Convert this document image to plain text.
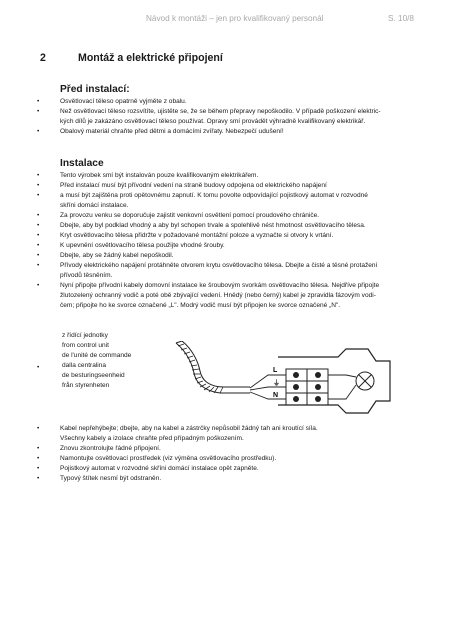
Návod k montáži – jen pro kvalifikovaný personál	S. 10/8
2	Montáž a elektrické připojení
Před instalací:
•	Osvětlovací těleso opatrně vyjměte z obalu.
•	Než osvětlovací těleso rozsvítíte, ujistěte se, že se během přepravy nepoškodilo. V případě poškození elektric-
kých dílů je zakázáno osvětlovací těleso používat. Opravy smí provádět výhradně kvalifikovaný elektrikář.
•	Obalový materiál chraňte před dětmi a domácími zvířaty. Nebezpečí udušení!
Instalace
•	Tento výrobek smí být instalován pouze kvalifikovaným elektrikářem.
•	Před instalací musí být přívodní vedení na straně budovy odpojena od elektrického napájení
•	a musí být zajištěna proti opětovnému zapnutí. K tomu povolte odpovídající pojistkový automat v rozvodné
skříni domácí instalace.
•	Za provozu venku se doporučuje zajistit venkovní osvětlení pomocí proudového chrániče.
•	Dbejte, aby byl podklad vhodný a aby byl schopen trvale a spolehlivě nést hmotnost osvětlovacího tělesa.
•	Kryt osvětlovacího tělesa přidržte v požadované montážní poloze a vyznačte si otvory k vrtání.
•	K upevnění osvětlovacího tělesa použijte vhodné šrouby.
•	Dbejte, aby se žádný kabel nepoškodil.
•	Přívody elektrického napájení protáhněte otvorem krytu osvětlovacího tělesa. Dbejte a čisté a těsné protažení
přívodů těsněním.
•	Nyní připojte přívodní kabely domovní instalace ke šroubovým svorkám osvětlovacího tělesa. Nejdříve připojte
žlutozelený ochranný vodič a poté obě zbývající vedení. Hnědý (nebo černý) kabel je zpravidla fázovým vodi-
čem; připojte ho ke svorce označené „L". Modrý vodič musí být připojen ke svorce označené „N".
z řídící jednotky
from control unit
de l'unité de commande
dalla centralina
de besturingseenheid
från styrenheten
•	L
⏚
N
•	Kabel nepřehýbejte; dbejte, aby na kabel a zástrčky nepůsobil žádný tah ani kroutící síla.
Všechny kabely a izolace chraňte před případným poškozením.
•	Znovu zkontrolujte řádné připojení.
•	Namontujte osvětlovací prostředek (viz výměna osvětlovacího prostředku).
•	Pojistkový automat v rozvodné skříni domácí instalace opět zapněte.
•	Typový štítek nesmí být odstraněn.
